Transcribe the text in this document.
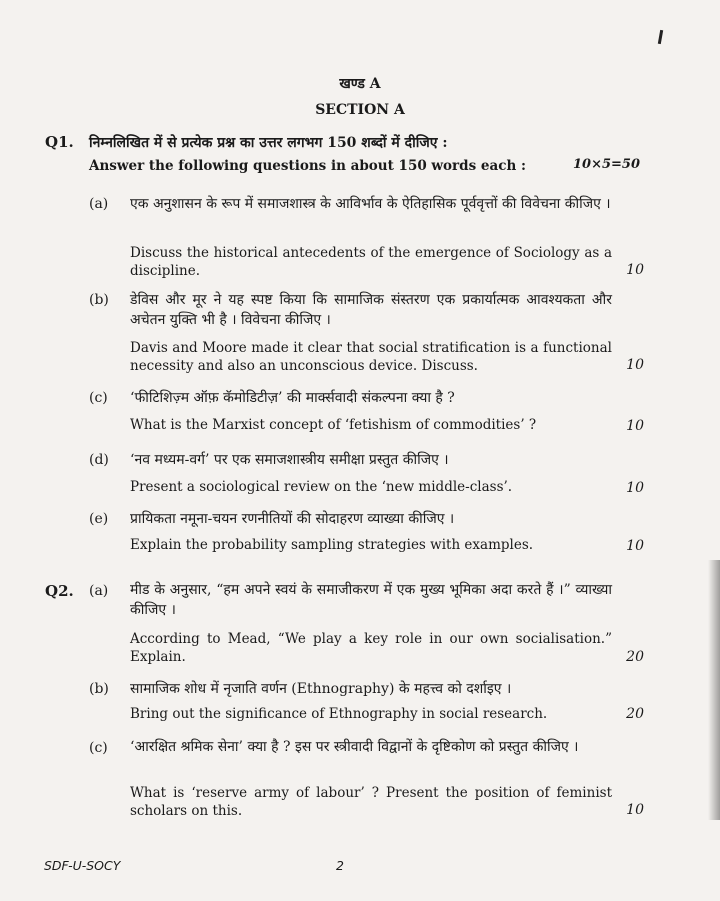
खण्ड A
SECTION A
Q1. निम्नलिखित में से प्रत्येक प्रश्न का उत्तर लगभग 150 शब्दों में दीजिए :
Answer the following questions in about 150 words each :	10×5=50
(a) एक अनुशासन के रूप में समाजशास्त्र के आविर्भाव के ऐतिहासिक पूर्ववृत्तों की विवेचना कीजिए ।
Discuss the historical antecedents of the emergence of Sociology as a discipline.	10
(b) डेविस और मूर ने यह स्पष्ट किया कि सामाजिक संस्तरण एक प्रकार्यात्मक आवश्यकता और अचेतन युक्ति भी है । विवेचना कीजिए ।
Davis and Moore made it clear that social stratification is a functional necessity and also an unconscious device. Discuss.	10
(c) ‘फीटिशिज़्म ऑफ़ कॅमोडिटीज़’ की मार्क्सवादी संकल्पना क्या है ?
What is the Marxist concept of ‘fetishism of commodities’ ?	10
(d) ‘नव मध्यम-वर्ग’ पर एक समाजशास्त्रीय समीक्षा प्रस्तुत कीजिए ।
Present a sociological review on the ‘new middle-class’.	10
(e) प्रायिकता नमूना-चयन रणनीतियों की सोदाहरण व्याख्या कीजिए ।
Explain the probability sampling strategies with examples.	10
Q2. (a) मीड के अनुसार, “हम अपने स्वयं के समाजीकरण में एक मुख्य भूमिका अदा करते हैं ।” व्याख्या कीजिए ।
According to Mead, “We play a key role in our own socialisation.” Explain.	20
(b) सामाजिक शोध में नृजाति वर्णन (Ethnography) के महत्त्व को दर्शाइए ।
Bring out the significance of Ethnography in social research.	20
(c) ‘आरक्षित श्रमिक सेना’ क्या है ? इस पर स्त्रीवादी विद्वानों के दृष्टिकोण को प्रस्तुत कीजिए ।
What is ‘reserve army of labour’ ? Present the position of feminist scholars on this.	10
SDF-U-SOCY	2
